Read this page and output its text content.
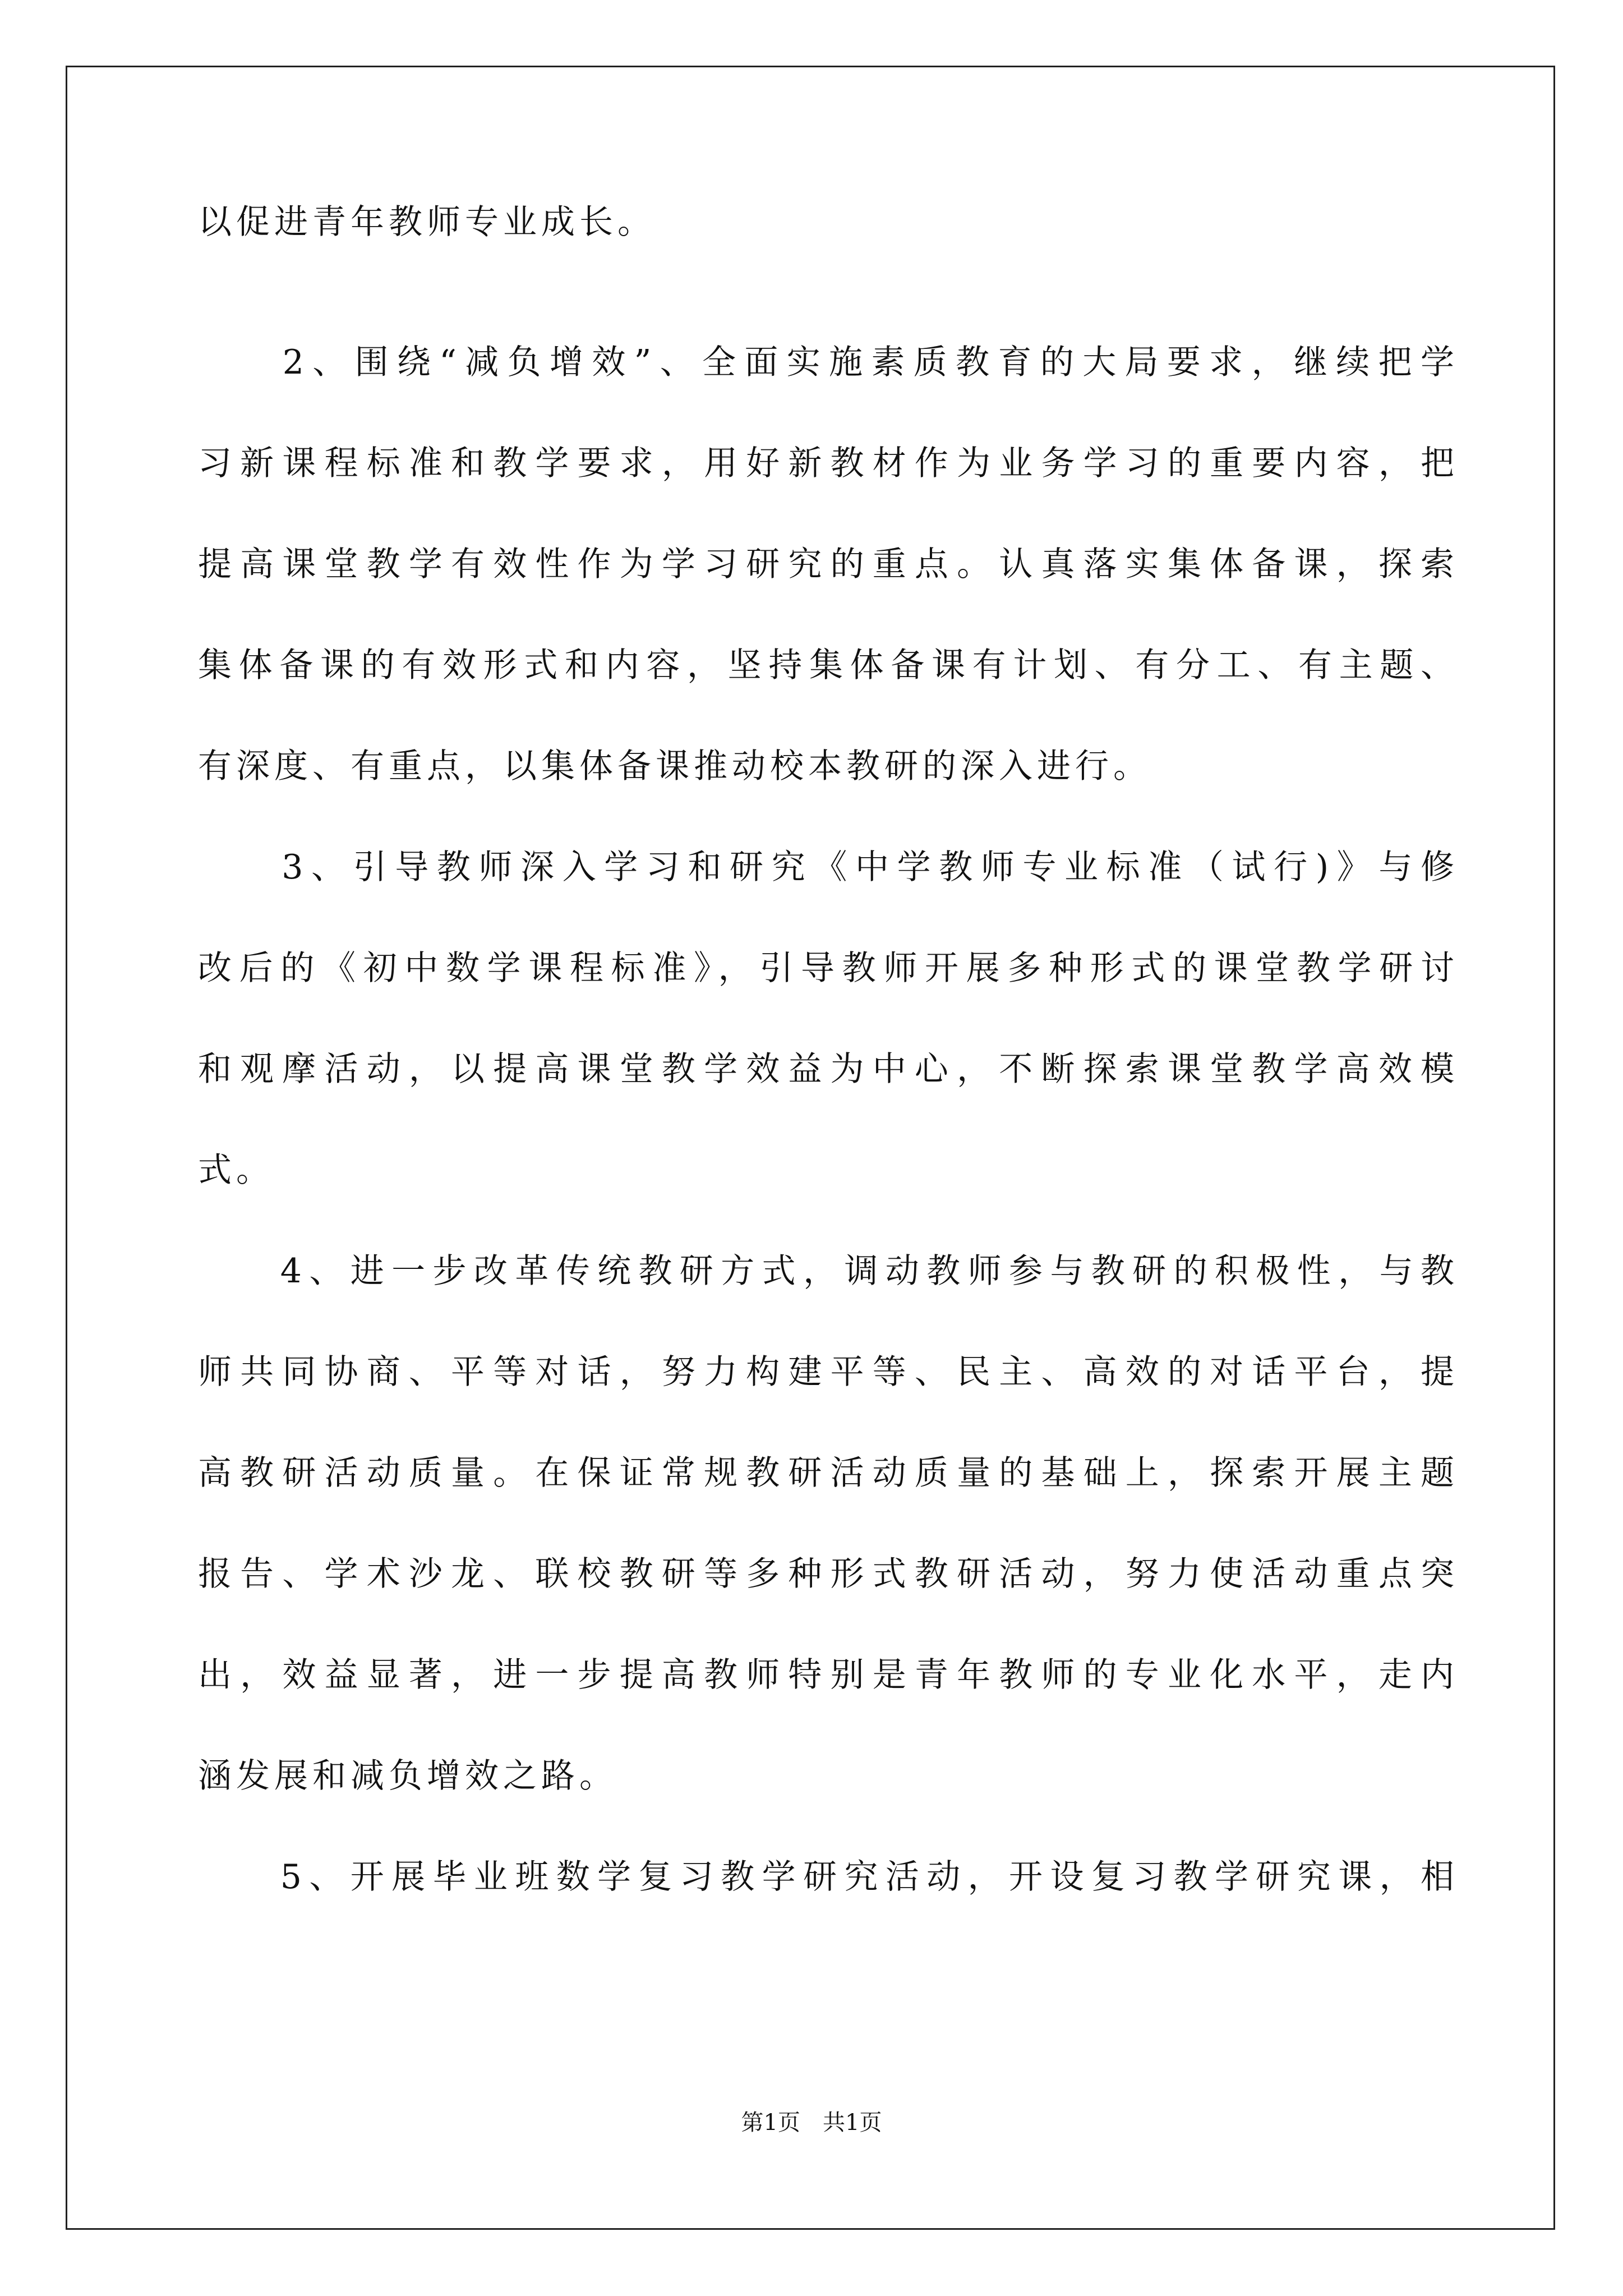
以促进青年教师专业成长。
　　2、围绕“减负增效”、全面实施素质教育的大局要求，继续把学
习新课程标准和教学要求，用好新教材作为业务学习的重要内容，把
提高课堂教学有效性作为学习研究的重点。认真落实集体备课，探索
集体备课的有效形式和内容，坚持集体备课有计划、有分工、有主题、
有深度、有重点，以集体备课推动校本教研的深入进行。
　　3、引导教师深入学习和研究《中学教师专业标准（试行)》与修
改后的《初中数学课程标准》，引导教师开展多种形式的课堂教学研讨
和观摩活动，以提高课堂教学效益为中心，不断探索课堂教学高效模
式。
　　4、进一步改革传统教研方式，调动教师参与教研的积极性，与教
师共同协商、平等对话，努力构建平等、民主、高效的对话平台，提
高教研活动质量。在保证常规教研活动质量的基础上，探索开展主题
报告、学术沙龙、联校教研等多种形式教研活动，努力使活动重点突
出，效益显著，进一步提高教师特别是青年教师的专业化水平，走内
涵发展和减负增效之路。
　　5、开展毕业班数学复习教学研究活动，开设复习教学研究课，相
第1页 共1页
